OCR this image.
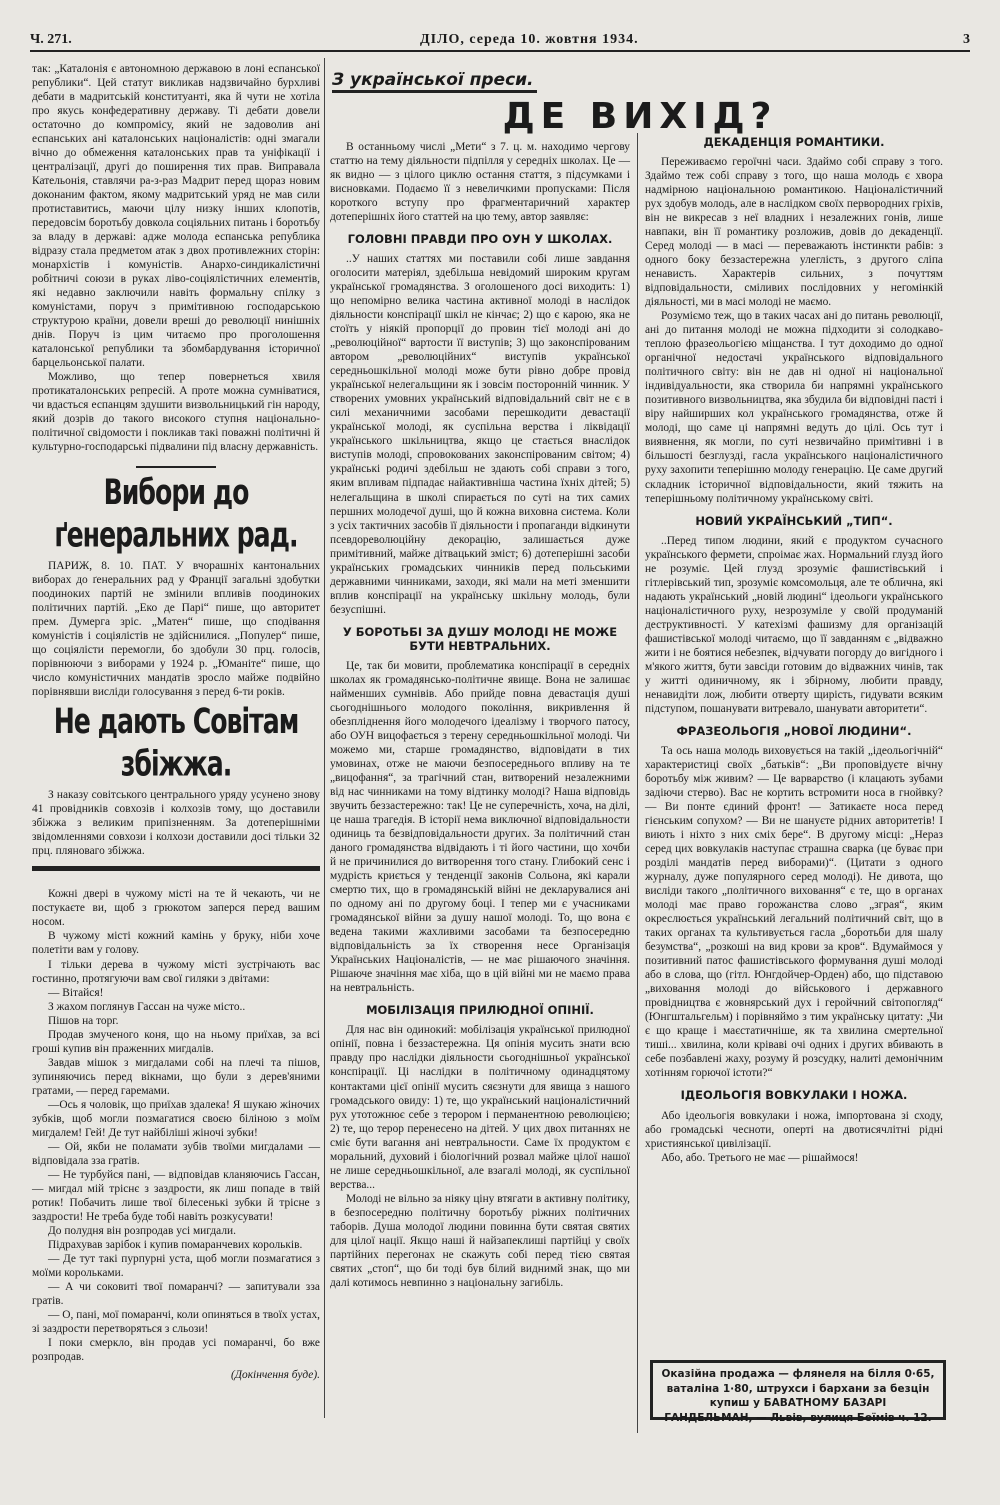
Ч. 271.	ДІЛО, середа 10. жовтня 1934.	3

так: „Каталонія є автономною державою в лоні еспанської републики“. Цей статут викликав надзвичайно бурхливі дебати в мадритській конституанті, яка й чути не хотіла про якусь конфедеративну державу. Ті дебати довели остаточно до компромісу, який не задоволив ані еспанських ані каталонських націоналістів: одні змагали вічно до обмеження каталонських прав та уніфікації і централізації, другі до поширення тих прав. Виправала Кательонія, ставлячи ра-з-раз Мадрит перед щораз новим доконаним фактом, якому мадритський уряд не мав сили протиставитись, маючи цілу низку інших клопотів, передовсім боротьбу довкола соціяльних питань і боротьбу за владу в державі: адже молода еспанська република відразу стала предметом атак з двох противлежних сторін: монархістів і комуністів. Анархо-синдикалістичні робітничі союзи в руках ліво-соціялістичних елементів, які недавно заключили навіть формальну спілку з комуністами, поруч з примітивною господарською структурою країни, довели вреші до революції нинішніх днів. Поруч із цим читаємо про проголошення каталонської републики та збомбардування історичної барцельонської палати.

Можливо, що тепер повернеться хвиля протикаталонських репресій. А проте можна сумніватися, чи вдасться еспанцям здушити визвольницький гін народу, який дозрів до такого високого ступня національно-політичної свідомости і покликав такі поважні політичні й культурно-господарські підвалини під власну державність.

Вибори до ґенеральних рад.

ПАРИЖ, 8. 10. ПАТ. У вчорашніх кантональних виборах до ґенеральних рад у Франції загальні здобутки поодиноких партій не змінили впливів поодиноких політичних партій. „Еко де Парі“ пише, що авторитет прем. Думерга зріс. „Матен“ пише, що сподівання комуністів і соціялістів не здійснилися. „Популер“ пише, що соціялісти перемогли, бо здобули 30 прц. голосів, порівнюючи з виборами у 1924 р. „Юманіте“ пише, що число комуністичних мандатів зросло майже подвійно порівнявши висліди голосування з перед 6-ти років.

Не дають Совітам збіжжа.

З наказу совітського центрального уряду усунено знову 41 провідників совхозів і колхозів тому, що доставили збіжжа з великим припізненням. За дотеперішніми звідомленнями совхози і колхози доставили досі тільки 32 прц. пляноваго збіжжа.

Кожні двері в чужому місті на те й чекають, чи не постукаєте ви, щоб з грюкотом заперся перед вашим носом.

В чужому місті кожний камінь у бруку, ніби хоче полетіти вам у голову.

І тільки дерева в чужому місті зустрічають вас гостинно, протягуючи вам свої гиляки з двітами:

— Вітайся!

З жахом поглянув Гассан на чуже місто..

Пішов на торг.

Продав змученого коня, що на ньому приїхав, за всі гроші купив він праженних мигдалів.

Завдав мішок з мигдалами собі на плечі та пішов, зупиняючись перед вікнами, що були з дерев'яними гратами, — перед гаремами.

—Ось я чоловік, що приїхав здалека! Я шукаю жіночих зубків, щоб могли позмагатися своєю біліною з моїм мигдалем! Гей! Де тут найбіліші жіночі зубки!

— Ой, якби не поламати зубів твоїми мигдалами — відповідала зза гратів.

— Не турбуйся пані, — відповідав кланяючись Гассан, — мигдал мій тріснє з заздрости, як лиш попаде в твій ротик! Побачить лише твої білесенькі зубки й трісне з заздрости! Не треба буде тобі навіть розкусувати!

До полудня він розпродав усі мигдали.

Підрахував зарібок і купив помаранчевих корольків.

— Де тут такі пурпурні уста, щоб могли позмагатися з моїми корольками.

— А чи соковиті твої помаранчі? — запитували зза гратів.

— О, пані, мої помаранчі, коли опиняться в твоїх устах, зі заздрости перетворяться з сльози!

І поки смеркло, він продав усі помаранчі, бо вже розпродав.

(Докінчення буде).

З української преси.
ДЕ ВИХІД?

В останньому числі „Мети“ з 7. ц. м. находимо чергову статтю на тему діяльности підпілля у середніх школах. Це — як видно — з цілого циклю остання стаття, з підсумками і висновками. Подаємо її з невеличкими пропусками: Після короткого вступу про фрагментаричний характер дотеперішніх його статтей на цю тему, автор заявляє:

ГОЛОВНІ ПРАВДИ ПРО ОУН У ШКОЛАХ.

..У наших статтях ми поставили собі лише завдання оголосити матеріял, здебільша невідомий широким кругам української громадянства. З оголошеного досі виходить: 1) що непомірно велика частина активної молоді в наслідок діяльности конспірації шкіл не кінчає; 2) що є карою, яка не стоїть у ніякій пропорції до провин тієї молоді ані до „революційної“ вартости її виступів; 3) що законспірованим автором „революційних“ виступів української середньошкільної молоді може бути рівно добре провід української нелегальщини як і зовсім посторонній чинник. У створених умовних український відповідальний світ не є в силі механичними засобами перешкодити девастації української молоді, як суспільна верства і ліквідації українського шкільництва, якщо це стається внаслідок виступів молоді, спровокованих законспірованим світом; 4) українські родичі здебільш не здають собі справи з того, яким впливам підпадає найактивніша частина їхніх дітей; 5) нелегальщина в школі спирається по суті на тих самих першних молодечої душі, що й кожна виховна система. Коли з усіх тактичних засобів її діяльности і пропаганди відкинути псевдореволюційну декорацію, залишається дуже примітивний, майже дітвацький зміст; 6) дотеперішні засоби українських громадських чинників перед польськими державними чинниками, заходи, які мали на меті зменшити вплив конспірації на українську шкільну молодь, були безуспішні.

У БОРОТЬБІ ЗА ДУШУ МОЛОДІ НЕ МОЖЕ БУТИ НЕВТРАЛЬНИХ.

Це, так би мовити, проблематика конспірації в середніх школах як громадянсько-політичне явище. Вона не залишає найменших сумнівів. Або прийде повна девастація душі сьогоднішнього молодого покоління, викривлення й обезпліднення його молодечого ідеалізму і творчого патосу, або ОУН вицофається з терену середньошкільної молоді. Чи можемо ми, старше громадянство, відповідати в тих умовинах, отже не маючи безпосереднього впливу на те „вицофання“, за трагічний стан, витворений незалежними від нас чинниками на тому відтинку молоді? Наша відповідь звучить беззастережно: так! Це не суперечність, хоча, на ділі, це наша трагедія. В історії нема виключної відповідальности одиниць та безвідповідальности других. За політичний стан даного громадянства відвідають і ті його частини, що хочби й не причинилися до витворення того стану. Глибокий сенс і мудрість криється у тенденції законів Сольона, які карали смертю тих, що в громадянській війні не декларувалися ані по одному ані по другому боці. І тепер ми є учасниками громадянської війни за душу нашої молоді. То, що вона є ведена такими жахливими засобами та безпосередню відповідальність за їх створення несе Організація Українських Націоналістів, — не має рішаючого значіння. Рішаюче значіння має хіба, що в цій війні ми не маємо права на невтральність.

МОБІЛІЗАЦІЯ ПРИЛЮДНОЇ ОПІНІЇ.

Для нас він одинокий: мобілізація української прилюдної опінії, повна і беззастережна. Ця опінія мусить знати всю правду про наслідки діяльности сьогоднішньої української конспірації. Ці наслідки в політичному одинадцятому контактами цієї опінії мусить сяєзнути для явища з нашого громадського овиду: 1) те, що український націоналістичний рух утотожнює себе з терором і перманентною революцією; 2) те, що терор перенесено на дітей. У цих двох питаннях не сміє бути вагання ані невтральности. Саме їх продуктом є моральний, духовий і біологічний розвал майже цілої нашої не лише середньошкільної, але взагалі молоді, як суспільної верства...

Молоді не вільно за ніяку ціну втягати в активну політику, в безпосередню політичну боротьбу ріжних політичних таборів. Душа молодої людини повинна бути святая святих для цілої нації. Якщо наші й найзапеклиші партійці у своїх партійних перегонах не скажуть собі перед тією святая святих „стоп“, що би тоді був білий виднимй знак, що ми далі котимось невпинно з національну загибіль.

ДЕКАДЕНЦІЯ РОМАНТИКИ.

Переживаємо героїчні часи. Здаймо собі справу з того. Здаймо теж собі справу з того, що наша молодь є хвора надмірною національною романтикою. Націоналістичний рух здобув молодь, але в наслідком своїх первородних гріхів, він не викресав з неї владних і незалежних гонів, лише навпаки, він її романтику розложив, довів до декаденції. Серед молоді — в масі — переважають інстинкти рабів: з одного боку беззастережна улеглість, з другого сліпа ненависть. Характерів сильних, з почуттям відповідальности, сміливих послідовних у негомінкій діяльності, ми в масі молоді не маємо.

Розуміємо теж, що в таких часах ані до питань революції, ані до питання молоді не можна підходити зі солодкаво-теплою фразеольогією міщанства. І тут доходимо до одної органічної недостачі українського відповідального політичного світу: він не дав ні одної ні національної індивідуальности, яка створила би напрямні українського позитивного визвольництва, яка збудила би відповідні пасті і віру найширших кол українського громадянства, отже й молоді, що саме ці напрямні ведуть до цілі. Ось тут і виявнення, як могли, по суті незвичайно примітивні і в більшості безглузді, гасла українського націоналістичного руху захопити теперішню молоду генерацію. Це саме другий складник історичної відповідальности, який тяжить на теперішньому політичному українському світі.

НОВИЙ УКРАЇНСЬКИЙ „ТИП“.

..Перед типом людини, який є продуктом сучасного українського фермети, спроімає жах. Нормальний глузд його не розуміє. Цей глузд зрозуміє фашистівський і гітлерівський тип, зрозуміє комсомольця, але те облична, які надають український „новій людині“ ідеольоги українського націоналістичного руху, незрозуміле у своїй продуманій деструктивності. У катехізмі фашизму для організацій фашистівської молоді читаємо, що її завданням є „відважно жити і не боятися небезпек, відчувати погорду до вигідного і м'якого життя, бути завсіди готовим до відважних чинів, так у житті одиничному, як і збірному, любити правду, ненавидіти лож, любити отверту щирість, гидувати всяким підступом, пошанувати витревало, шанувати авторитети“.

ФРАЗЕОЛЬОГІЯ „НОВОЇ ЛЮДИНИ“.

Та ось наша молодь виховується на такій „ідеольогічній“ характеристиці своїх „батьків“: „Ви проповідуєте вічну боротьбу між живим? — Це варварство (і клацають зубами задіючи стерво). Вас не кортить встромити носа в гнойвку? — Ви понте єдиний фронт! — Затикаєте носа перед гієнським сопухом? — Ви не шануєте рідних авторитетів! І виють і ніхто з них сміх бере“. В другому місці: „Нераз серед цих вовкулаків наступає страшна сварка (це буває при розділі мандатів перед виборами)“. (Цитати з одного журналу, дуже популярного серед молоді). Не дивота, що висліди такого „політичного виховання“ є те, що в органах молоді має право горожанства слово „зграя“, яким окреслюється український легальний політичний світ, що в таких органах та культивується гасла „боротьби для шалу безумства“, „розкоші на вид крови за кров“. Вдумаймося у позитивний патос фашистівського формування душі молоді або в слова, що (гітл. Юнгдойчер-Орден) або, що підставою „виховання молоді до військового і державного провідництва є жовнярський дух і геройчний світопогляд“ (Юнгштальгельм) і порівняймо з тим українську цитату: „Чи є що краще і маєстатичніше, як та хвилина смертельної тиші... хвилина, коли кріваві очі одних і других вбивають в себе позбавлені жаху, розуму й розсудку, налиті демонічним хотінням горючої істоти?“

ІДЕОЛЬОГІЯ ВОВКУЛАКИ І НОЖА.

Або ідеольогія вовкулаки і ножа, імпортована зі сходу, або громадські чесноти, опертi на двотисячлітні рідні християнської цивілізації.

Або, або. Третього не має — рішаймося!

Оказійна продажа — флянеля на білля 0·65,
ваталіна 1·80, штрухси і бархани за безцін
купиш у БАВАТНОМУ БАЗАРІ
ГАНДЕЛЬМАН, — Львів, вулиця Боїмів ч. 12.
